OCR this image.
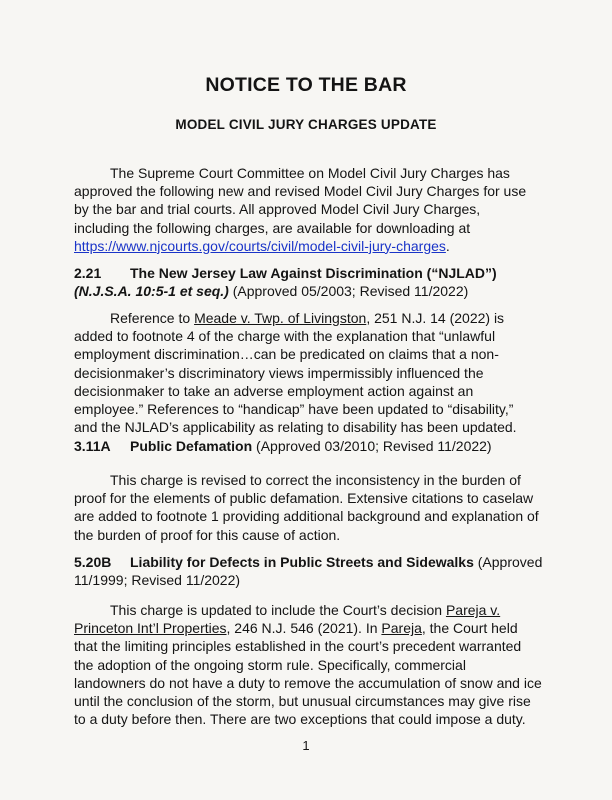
NOTICE TO THE BAR
MODEL CIVIL JURY CHARGES UPDATE
The Supreme Court Committee on Model Civil Jury Charges has
approved the following new and revised Model Civil Jury Charges for use
by the bar and trial courts. All approved Model Civil Jury Charges,
including the following charges, are available for downloading at
https://www.njcourts.gov/courts/civil/model-civil-jury-charges.
2.21 The New Jersey Law Against Discrimination (“NJLAD”)
(N.J.S.A. 10:5-1 et seq.) (Approved 05/2003; Revised 11/2022)
Reference to Meade v. Twp. of Livingston, 251 N.J. 14 (2022) is
added to footnote 4 of the charge with the explanation that “unlawful
employment discrimination…can be predicated on claims that a non-
decisionmaker’s discriminatory views impermissibly influenced the
decisionmaker to take an adverse employment action against an
employee.” References to “handicap” have been updated to “disability,”
and the NJLAD’s applicability as relating to disability has been updated.
3.11A Public Defamation (Approved 03/2010; Revised 11/2022)
This charge is revised to correct the inconsistency in the burden of
proof for the elements of public defamation. Extensive citations to caselaw
are added to footnote 1 providing additional background and explanation of
the burden of proof for this cause of action.
5.20B Liability for Defects in Public Streets and Sidewalks (Approved
11/1999; Revised 11/2022)
This charge is updated to include the Court’s decision Pareja v.
Princeton Int’l Properties, 246 N.J. 546 (2021). In Pareja, the Court held
that the limiting principles established in the court’s precedent warranted
the adoption of the ongoing storm rule. Specifically, commercial
landowners do not have a duty to remove the accumulation of snow and ice
until the conclusion of the storm, but unusual circumstances may give rise
to a duty before then. There are two exceptions that could impose a duty.
1
